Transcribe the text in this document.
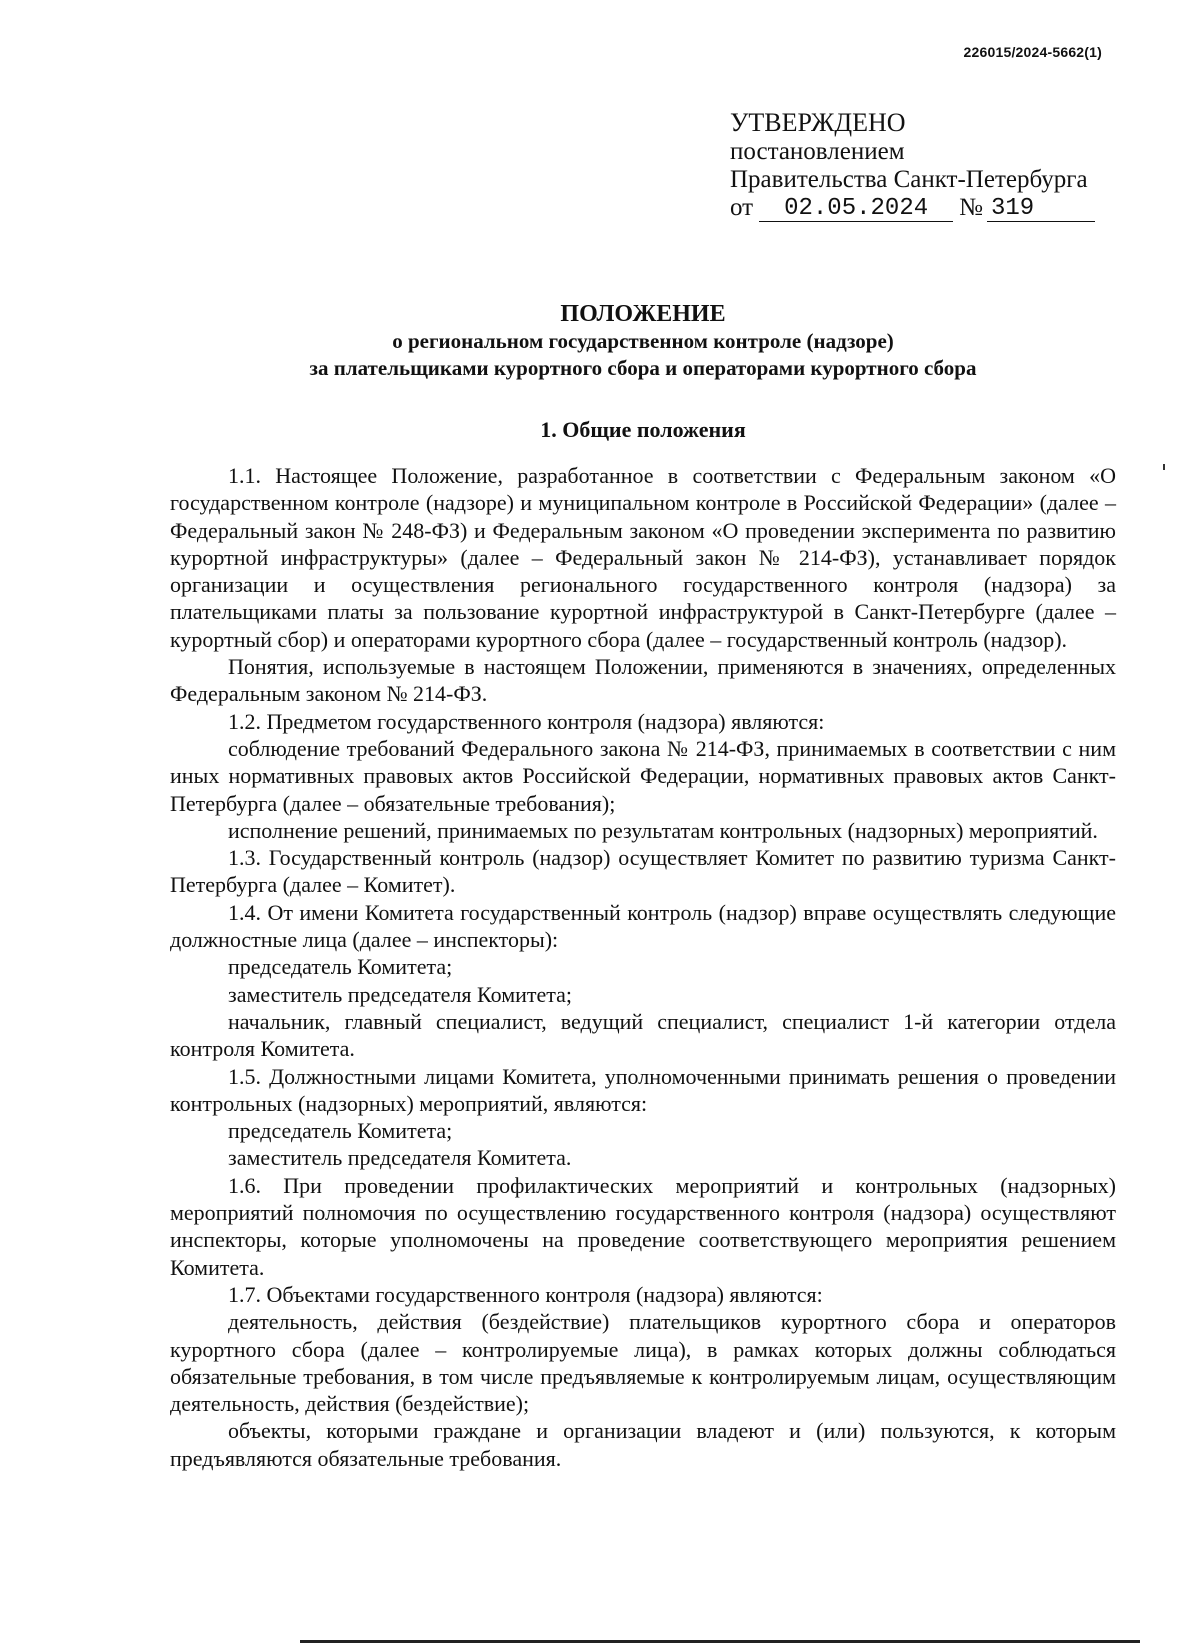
226015/2024-5662(1)
УТВЕРЖДЕНО
постановлением
Правительства Санкт-Петербурга
от	02.05.2024	№ 319
ПОЛОЖЕНИЕ
о региональном государственном контроле (надзоре)
за плательщиками курортного сбора и операторами курортного сбора
1. Общие положения

1.1. Настоящее Положение, разработанное в соответствии с Федеральным законом «О государственном контроле (надзоре) и муниципальном контроле в Российской Федерации» (далее – Федеральный закон № 248-ФЗ) и Федеральным законом «О проведении эксперимента по развитию курортной инфраструктуры» (далее – Федеральный закон № 214-ФЗ), устанавливает порядок организации и осуществления регионального государственного контроля (надзора) за плательщиками платы за пользование курортной инфраструктурой в Санкт-Петербурге (далее – курортный сбор) и операторами курортного сбора (далее – государственный контроль (надзор).

Понятия, используемые в настоящем Положении, применяются в значениях, определенных Федеральным законом № 214-ФЗ.

1.2. Предметом государственного контроля (надзора) являются:

соблюдение требований Федерального закона № 214-ФЗ, принимаемых в соответствии с ним иных нормативных правовых актов Российской Федерации, нормативных правовых актов Санкт-Петербурга (далее – обязательные требования);

исполнение решений, принимаемых по результатам контрольных (надзорных) мероприятий.

1.3. Государственный контроль (надзор) осуществляет Комитет по развитию туризма Санкт-Петербурга (далее – Комитет).

1.4. От имени Комитета государственный контроль (надзор) вправе осуществлять следующие должностные лица (далее – инспекторы):

председатель Комитета;

заместитель председателя Комитета;

начальник, главный специалист, ведущий специалист, специалист 1-й категории отдела контроля Комитета.

1.5. Должностными лицами Комитета, уполномоченными принимать решения о проведении контрольных (надзорных) мероприятий, являются:

председатель Комитета;

заместитель председателя Комитета.

1.6. При проведении профилактических мероприятий и контрольных (надзорных) мероприятий полномочия по осуществлению государственного контроля (надзора) осуществляют инспекторы, которые уполномочены на проведение соответствующего мероприятия решением Комитета.

1.7. Объектами государственного контроля (надзора) являются:

деятельность, действия (бездействие) плательщиков курортного сбора и операторов курортного сбора (далее – контролируемые лица), в рамках которых должны соблюдаться обязательные требования, в том числе предъявляемые к контролируемым лицам, осуществляющим деятельность, действия (бездействие);

объекты, которыми граждане и организации владеют и (или) пользуются, к которым предъявляются обязательные требования.
